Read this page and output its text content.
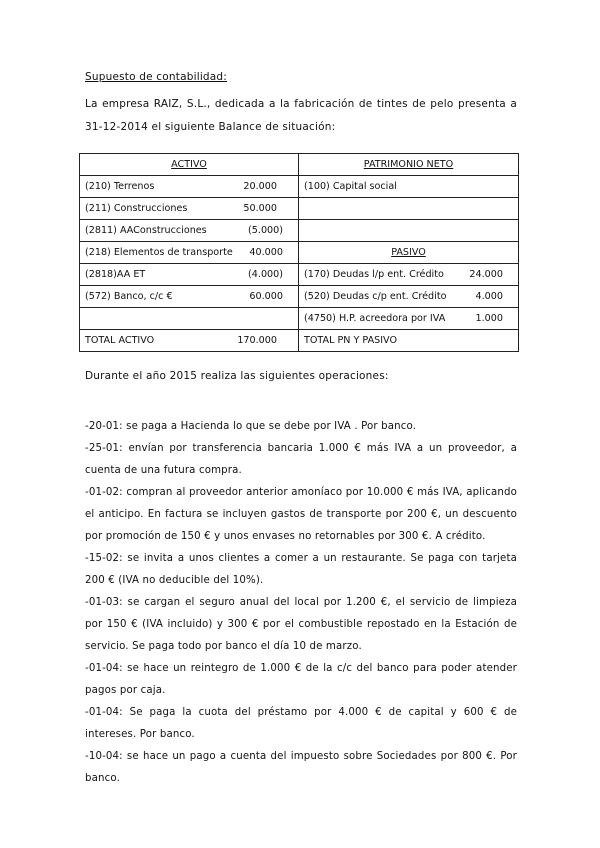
Supuesto de contabilidad:
La empresa RAIZ, S.L., dedicada a la fabricación de tintes de pelo presenta a 31-12-2014 el siguiente Balance de situación:
ACTIVO	PATRIMONIO NETO

(210) Terrenos 20.000	(100) Capital social

(211) Construcciones 50.000	

(2811) AAConstrucciones (5.000)	

(218) Elementos de transporte 40.000	PASIVO

(2818)AA ET (4.000)	(170) Deudas l/p ent. Crédito 24.000

(572) Banco, c/c € 60.000	(520) Deudas c/p ent. Crédito 4.000

	(4750) H.P. acreedora por IVA 1.000

TOTAL ACTIVO 170.000	TOTAL PN Y PASIVO
Durante el año 2015 realiza las siguientes operaciones:

-20-01: se paga a Hacienda lo que se debe por IVA . Por banco.

-25-01: envían por transferencia bancaria 1.000 € más IVA a un proveedor, a cuenta de una futura compra.

-01-02: compran al proveedor anterior amoníaco por 10.000 € más IVA, aplicando el anticipo. En factura se incluyen gastos de transporte por 200 €, un descuento por promoción de 150 € y unos envases no retornables por 300 €. A crédito.

-15-02: se invita a unos clientes a comer a un restaurante. Se paga con tarjeta 200 € (IVA no deducible del 10%).

-01-03: se cargan el seguro anual del local por 1.200 €, el servicio de limpieza por 150 € (IVA incluido) y 300 € por el combustible repostado en la Estación de servicio. Se paga todo por banco el día 10 de marzo.

-01-04: se hace un reintegro de 1.000 € de la c/c del banco para poder atender pagos por caja.

-01-04: Se paga la cuota del préstamo por 4.000 € de capital y 600 € de intereses. Por banco.

-10-04: se hace un pago a cuenta del impuesto sobre Sociedades por 800 €. Por banco.
